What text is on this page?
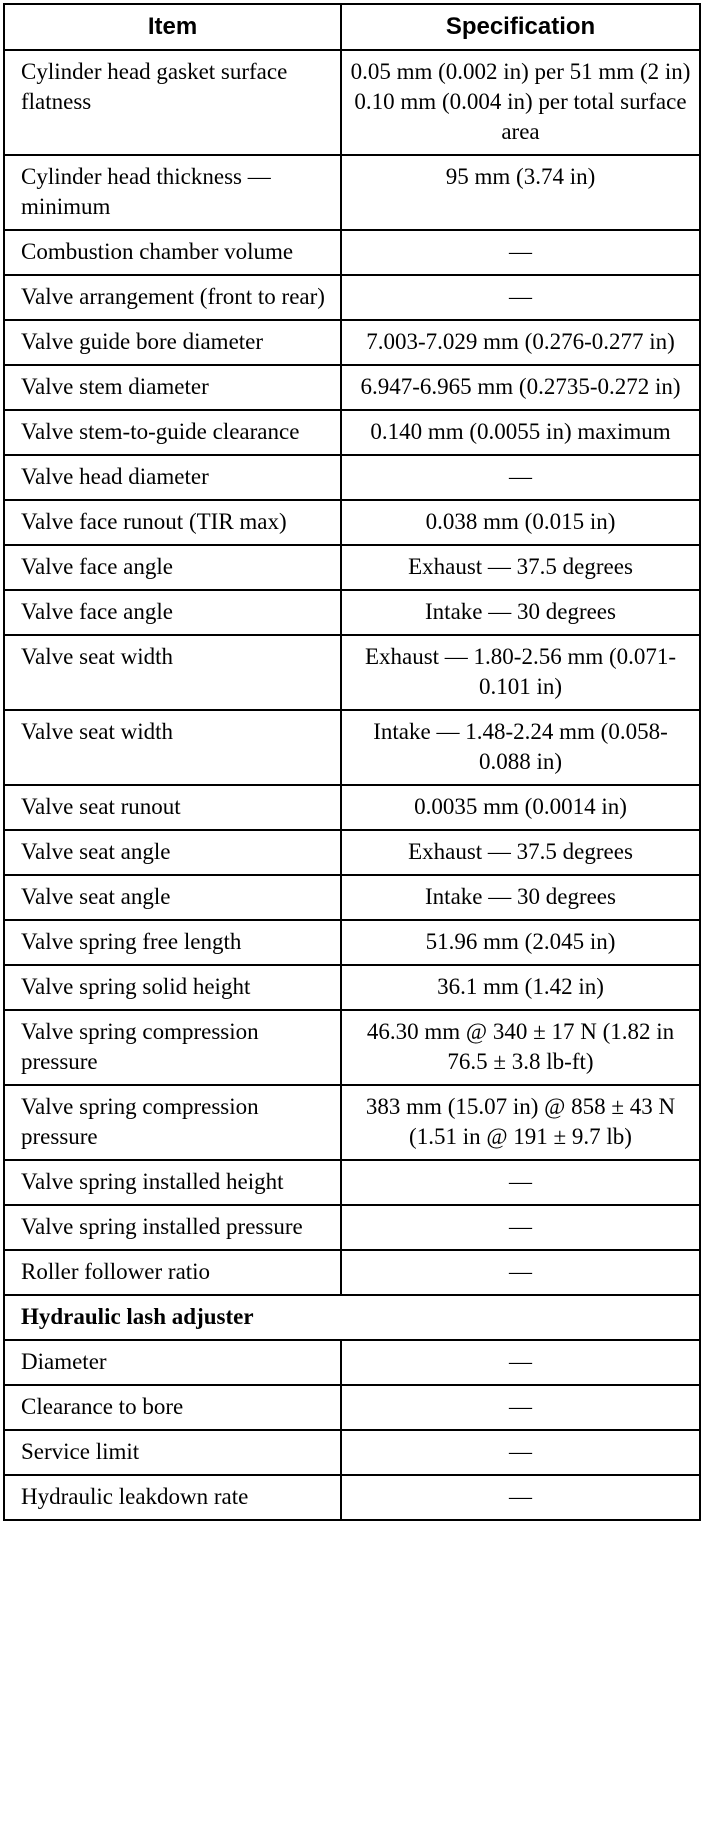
Item	Specification
Cylinder head gasket surface flatness	0.05 mm (0.002 in) per 51 mm (2 in)
0.10 mm (0.004 in) per total surface area

Cylinder head thickness — minimum	95 mm (3.74 in)

Combustion chamber volume	—

Valve arrangement (front to rear)	—

Valve guide bore diameter	7.003-7.029 mm (0.276-0.277 in)

Valve stem diameter	6.947-6.965 mm (0.2735-0.272 in)

Valve stem-to-guide clearance	0.140 mm (0.0055 in) maximum

Valve head diameter	—

Valve face runout (TIR max)	0.038 mm (0.015 in)

Valve face angle	Exhaust — 37.5 degrees

Valve face angle	Intake — 30 degrees

Valve seat width	Exhaust — 1.80-2.56 mm (0.071-0.101 in)

Valve seat width	Intake — 1.48-2.24 mm (0.058-0.088 in)

Valve seat runout	0.0035 mm (0.0014 in)

Valve seat angle	Exhaust — 37.5 degrees

Valve seat angle	Intake — 30 degrees

Valve spring free length	51.96 mm (2.045 in)

Valve spring solid height	36.1 mm (1.42 in)

Valve spring compression pressure	46.30 mm @ 340 ± 17 N (1.82 in 76.5 ± 3.8 lb-ft)

Valve spring compression pressure	383 mm (15.07 in) @ 858 ± 43 N (1.51 in @ 191 ± 9.7 lb)

Valve spring installed height	—

Valve spring installed pressure	—

Roller follower ratio	—

Hydraulic lash adjuster	
Diameter	—

Clearance to bore	—

Service limit	—

Hydraulic leakdown rate	—
